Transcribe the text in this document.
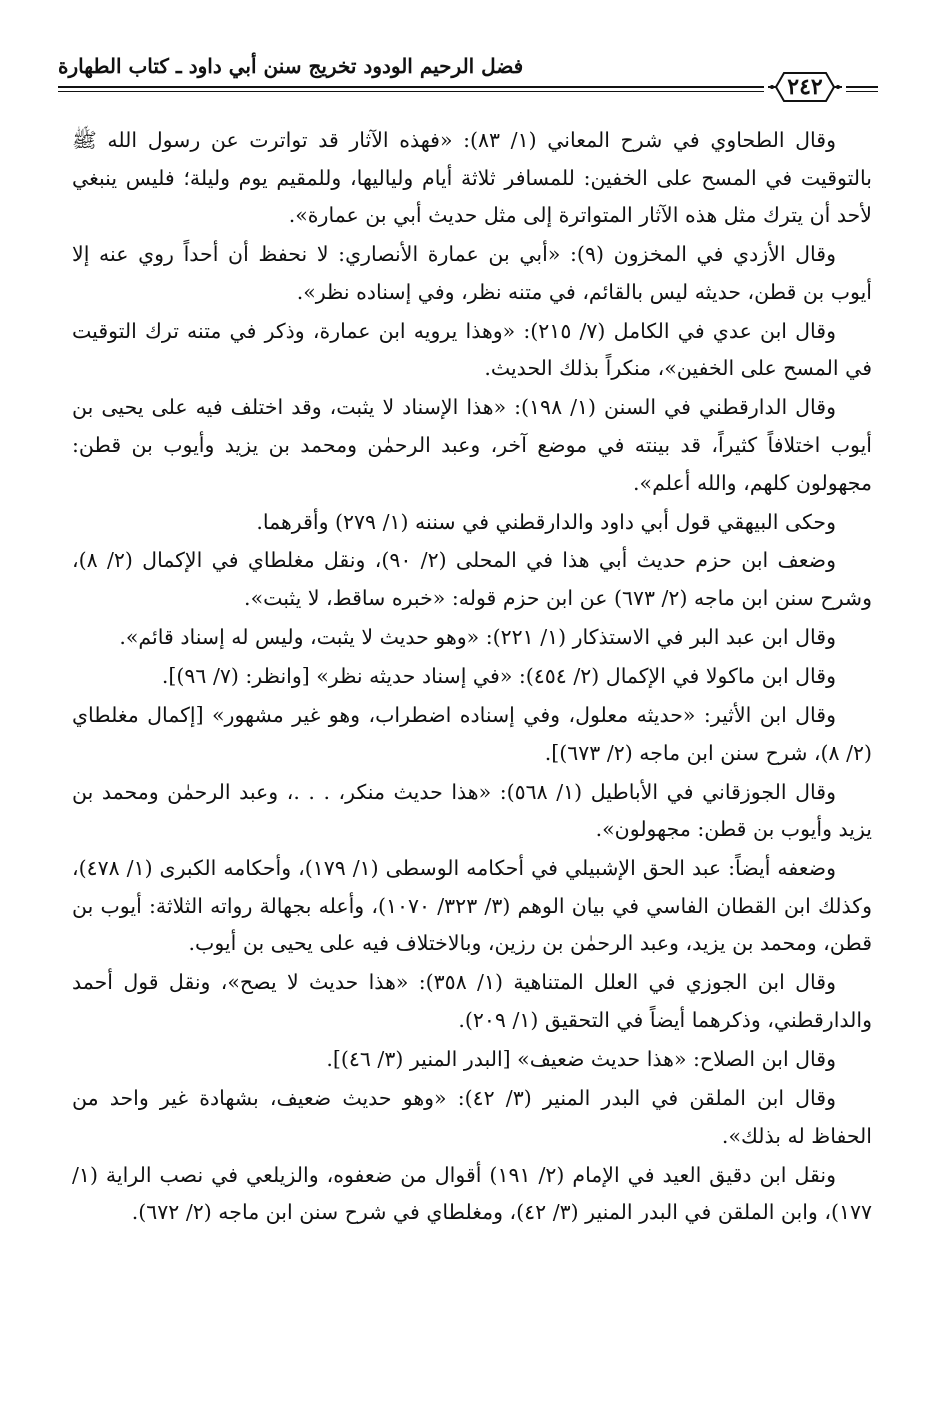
فضل الرحيم الودود تخريج سنن أبي داود ـ كتاب الطهارة
٢٤٢

وقال الطحاوي في شرح المعاني (١/ ٨٣): «فهذه الآثار قد تواترت عن رسول الله ﷺ بالتوقيت في المسح على الخفين: للمسافر ثلاثة أيام ولياليها، وللمقيم يوم وليلة؛ فليس ينبغي لأحد أن يترك مثل هذه الآثار المتواترة إلى مثل حديث أبي بن عمارة».

وقال الأزدي في المخزون (٩): «أبي بن عمارة الأنصاري: لا نحفظ أن أحداً روي عنه إلا أيوب بن قطن، حديثه ليس بالقائم، في متنه نظر، وفي إسناده نظر».

وقال ابن عدي في الكامل (٧/ ٢١٥): «وهذا يرويه ابن عمارة، وذكر في متنه ترك التوقيت في المسح على الخفين»، منكراً بذلك الحديث.

وقال الدارقطني في السنن (١/ ١٩٨): «هذا الإسناد لا يثبت، وقد اختلف فيه على يحيى بن أيوب اختلافاً كثيراً، قد بينته في موضع آخر، وعبد الرحمٰن ومحمد بن يزيد وأيوب بن قطن: مجهولون كلهم، والله أعلم».

وحكى البيهقي قول أبي داود والدارقطني في سننه (١/ ٢٧٩) وأقرهما.

وضعف ابن حزم حديث أبي هذا في المحلى (٢/ ٩٠)، ونقل مغلطاي في الإكمال (٢/ ٨)، وشرح سنن ابن ماجه (٢/ ٦٧٣) عن ابن حزم قوله: «خبره ساقط، لا يثبت».

وقال ابن عبد البر في الاستذكار (١/ ٢٢١): «وهو حديث لا يثبت، وليس له إسناد قائم».

وقال ابن ماكولا في الإكمال (٢/ ٤٥٤): «في إسناد حديثه نظر» [وانظر: (٧/ ٩٦)].

وقال ابن الأثير: «حديثه معلول، وفي إسناده اضطراب، وهو غير مشهور» [إكمال مغلطاي (٢/ ٨)، شرح سنن ابن ماجه (٢/ ٦٧٣)].

وقال الجوزقاني في الأباطيل (١/ ٥٦٨): «هذا حديث منكر، . . .، وعبد الرحمٰن ومحمد بن يزيد وأيوب بن قطن: مجهولون».

وضعفه أيضاً: عبد الحق الإشبيلي في أحكامه الوسطى (١/ ١٧٩)، وأحكامه الكبرى (١/ ٤٧٨)، وكذلك ابن القطان الفاسي في بيان الوهم (٣/ ٣٢٣/ ١٠٧٠)، وأعله بجهالة رواته الثلاثة: أيوب بن قطن، ومحمد بن يزيد، وعبد الرحمٰن بن رزين، وبالاختلاف فيه على يحيى بن أيوب.

وقال ابن الجوزي في العلل المتناهية (١/ ٣٥٨): «هذا حديث لا يصح»، ونقل قول أحمد والدارقطني، وذكرهما أيضاً في التحقيق (١/ ٢٠٩).

وقال ابن الصلاح: «هذا حديث ضعيف» [البدر المنير (٣/ ٤٦)].

وقال ابن الملقن في البدر المنير (٣/ ٤٢): «وهو حديث ضعيف، بشهادة غير واحد من الحفاظ له بذلك».

ونقل ابن دقيق العيد في الإمام (٢/ ١٩١) أقوال من ضعفوه، والزيلعي في نصب الراية (١/ ١٧٧)، وابن الملقن في البدر المنير (٣/ ٤٢)، ومغلطاي في شرح سنن ابن ماجه (٢/ ٦٧٢).
